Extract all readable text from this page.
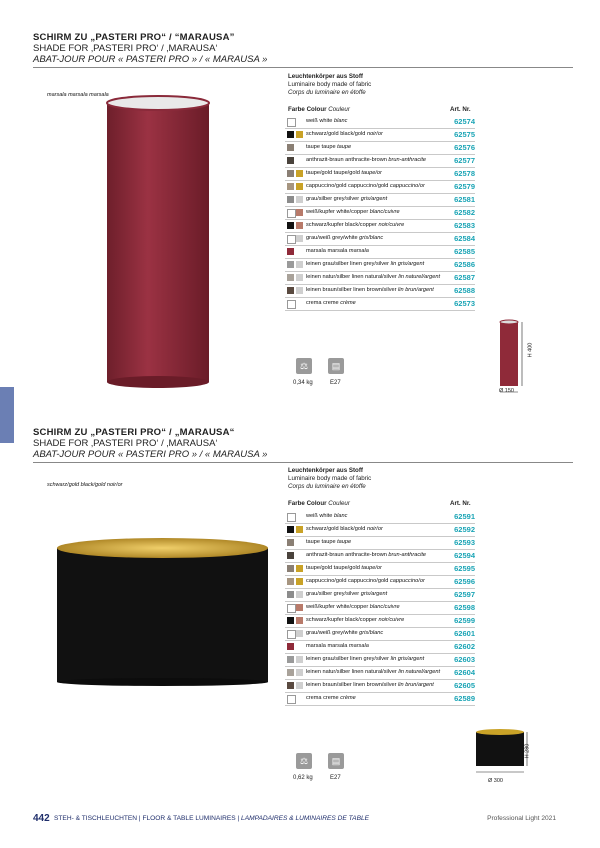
SCHIRM ZU „PASTERI PRO“ / “MARAUSA”
SHADE FOR ‚PASTERI PRO‘ / ‚MARAUSA‘
ABAT-JOUR POUR « PASTERI PRO » / « MARAUSA »
marsala marsala marsala
Leuchtenkörper aus Stoff
Luminaire body made of fabric
Corps du luminaire en étoffe
Farbe Colour Couleur	Art. Nr.
weiß white blanc	62574
schwarz/gold black/gold noir/or	62575
taupe taupe taupe	62576
anthrazit-braun anthracite-brown brun-anthracite	62577
taupe/gold taupe/gold taupe/or	62578
cappuccino/gold cappuccino/gold cappuccino/or	62579
grau/silber grey/silver gris/argent	62581
weiß/kupfer white/copper blanc/cuivre	62582
schwarz/kupfer black/copper noir/cuivre	62583
grau/weiß grey/white gris/blanc	62584
marsala marsala marsala	62585
leinen grau/silber linen grey/silver lin gris/argent	62586
leinen natur/silber linen natural/silver lin naturel/argent 62587
leinen braun/silber linen brown/silver lin brun/argent	62588
crema creme crème	62573
⚖	▤
0,34 kg	E27
H 400
Ø 150
SCHIRM ZU „PASTERI PRO“ / „MARAUSA“
SHADE FOR ‚PASTERI PRO‘ / ‚MARAUSA‘
ABAT-JOUR POUR « PASTERI PRO » / « MARAUSA »
schwarz/gold black/gold noir/or
Leuchtenkörper aus Stoff
Luminaire body made of fabric
Corps du luminaire en étoffe
Farbe Colour Couleur	Art. Nr.
weiß white blanc	62591
schwarz/gold black/gold noir/or	62592
taupe taupe taupe	62593
anthrazit-braun anthracite-brown brun-anthracite	62594
taupe/gold taupe/gold taupe/or	62595
cappuccino/gold cappuccino/gold cappuccino/or	62596
grau/silber grey/silver gris/argent	62597
weiß/kupfer white/copper blanc/cuivre	62598
schwarz/kupfer black/copper noir/cuivre	62599
grau/weiß grey/white gris/blanc	62601
marsala marsala marsala	62602
leinen grau/silber linen grey/silver lin gris/argent	62603
leinen natur/silber linen natural/silver lin naturel/argent 62604
leinen braun/silber linen brown/silver lin brun/argent	62605
crema creme crème	62589
⚖	▤
0,62 kg	E27
H 280
Ø 300
442 STEH- & TISCHLEUCHTEN | FLOOR & TABLE LUMINAIRES | LAMPADAIRES & LUMINAIRES DE TABLE	Professional Light 2021
